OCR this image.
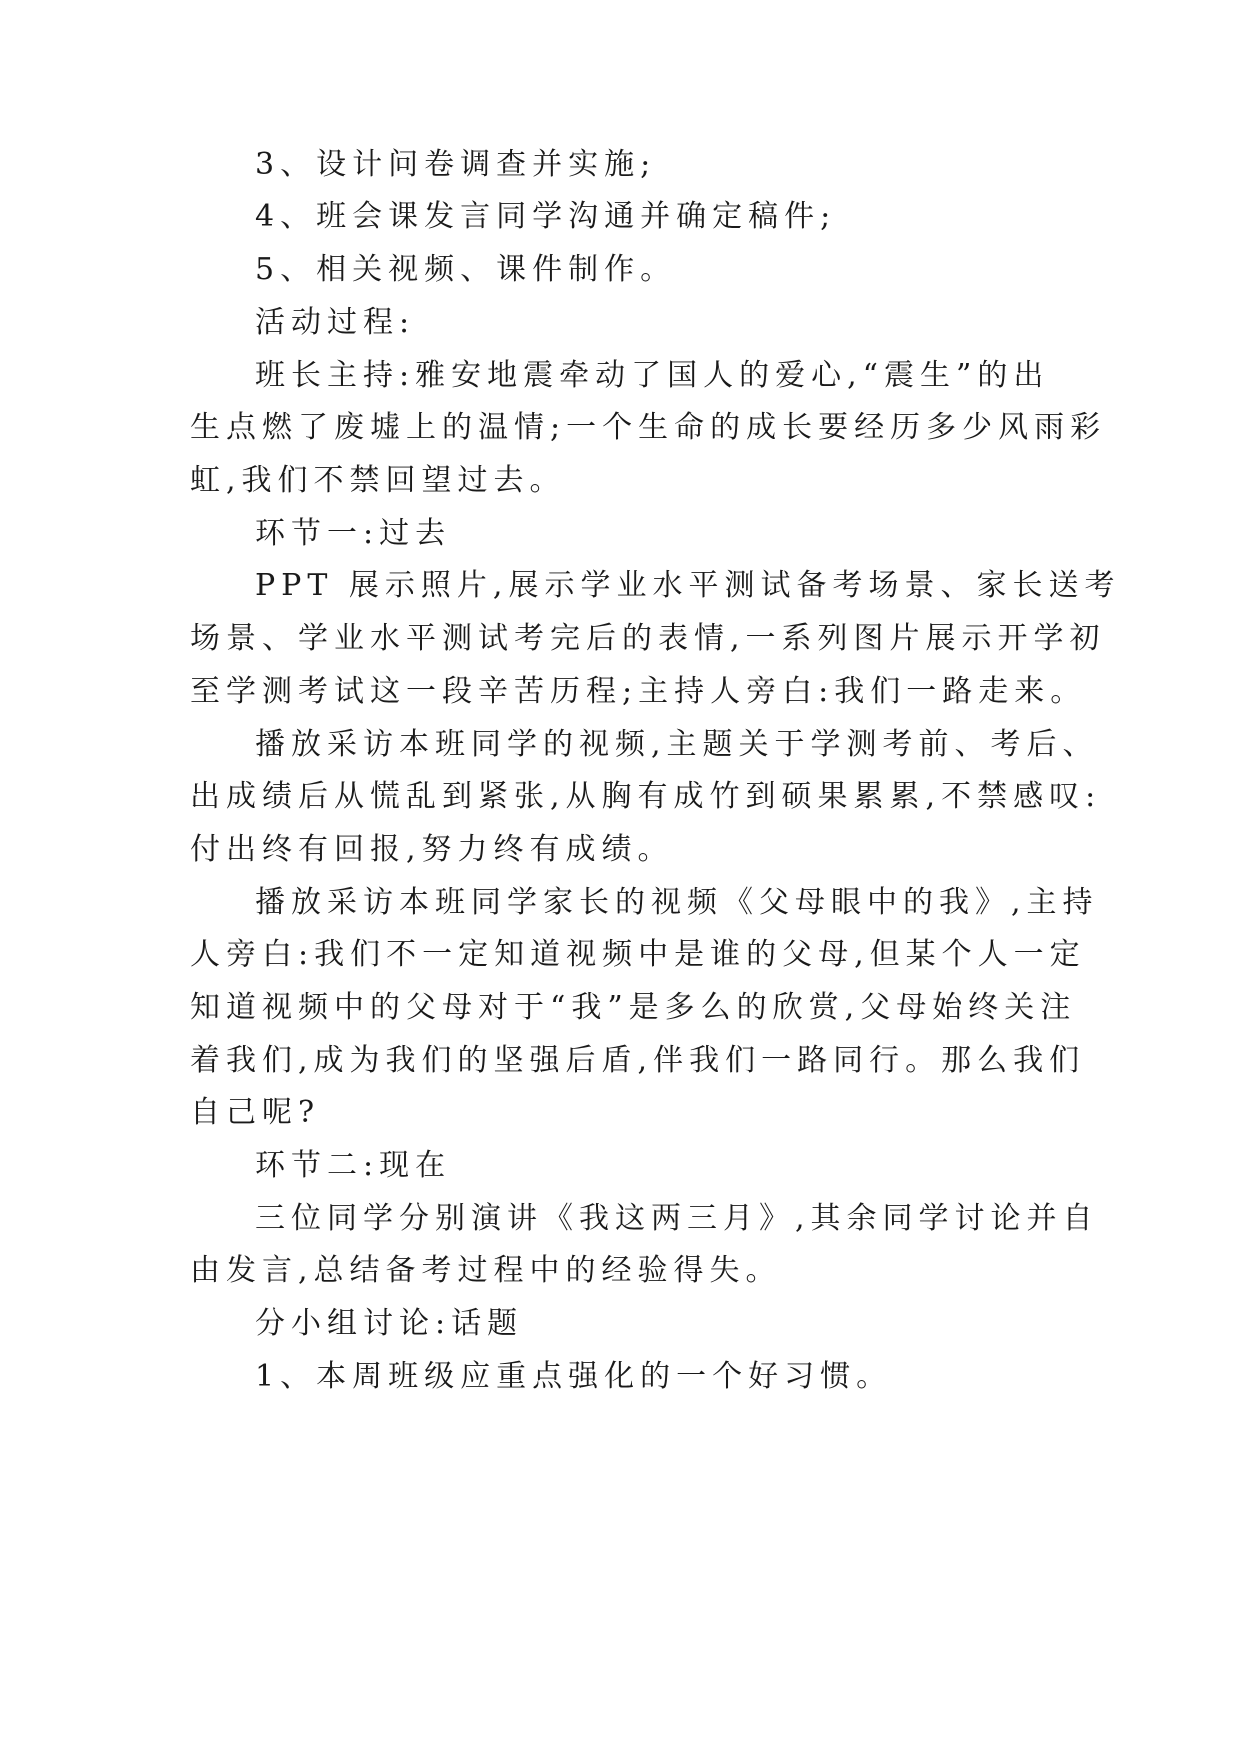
3、设计问卷调查并实施;
4、班会课发言同学沟通并确定稿件;
5、相关视频、课件制作。
活动过程:
班长主持:雅安地震牵动了国人的爱心,“震生”的出
生点燃了废墟上的温情;一个生命的成长要经历多少风雨彩
虹,我们不禁回望过去。
环节一:过去
PPT 展示照片,展示学业水平测试备考场景、家长送考
场景、学业水平测试考完后的表情,一系列图片展示开学初
至学测考试这一段辛苦历程;主持人旁白:我们一路走来。
播放采访本班同学的视频,主题关于学测考前、考后、
出成绩后从慌乱到紧张,从胸有成竹到硕果累累,不禁感叹:
付出终有回报,努力终有成绩。
播放采访本班同学家长的视频《父母眼中的我》,主持
人旁白:我们不一定知道视频中是谁的父母,但某个人一定
知道视频中的父母对于“我”是多么的欣赏,父母始终关注
着我们,成为我们的坚强后盾,伴我们一路同行。那么我们
自己呢?
环节二:现在
三位同学分别演讲《我这两三月》,其余同学讨论并自
由发言,总结备考过程中的经验得失。
分小组讨论:话题
1、本周班级应重点强化的一个好习惯。
